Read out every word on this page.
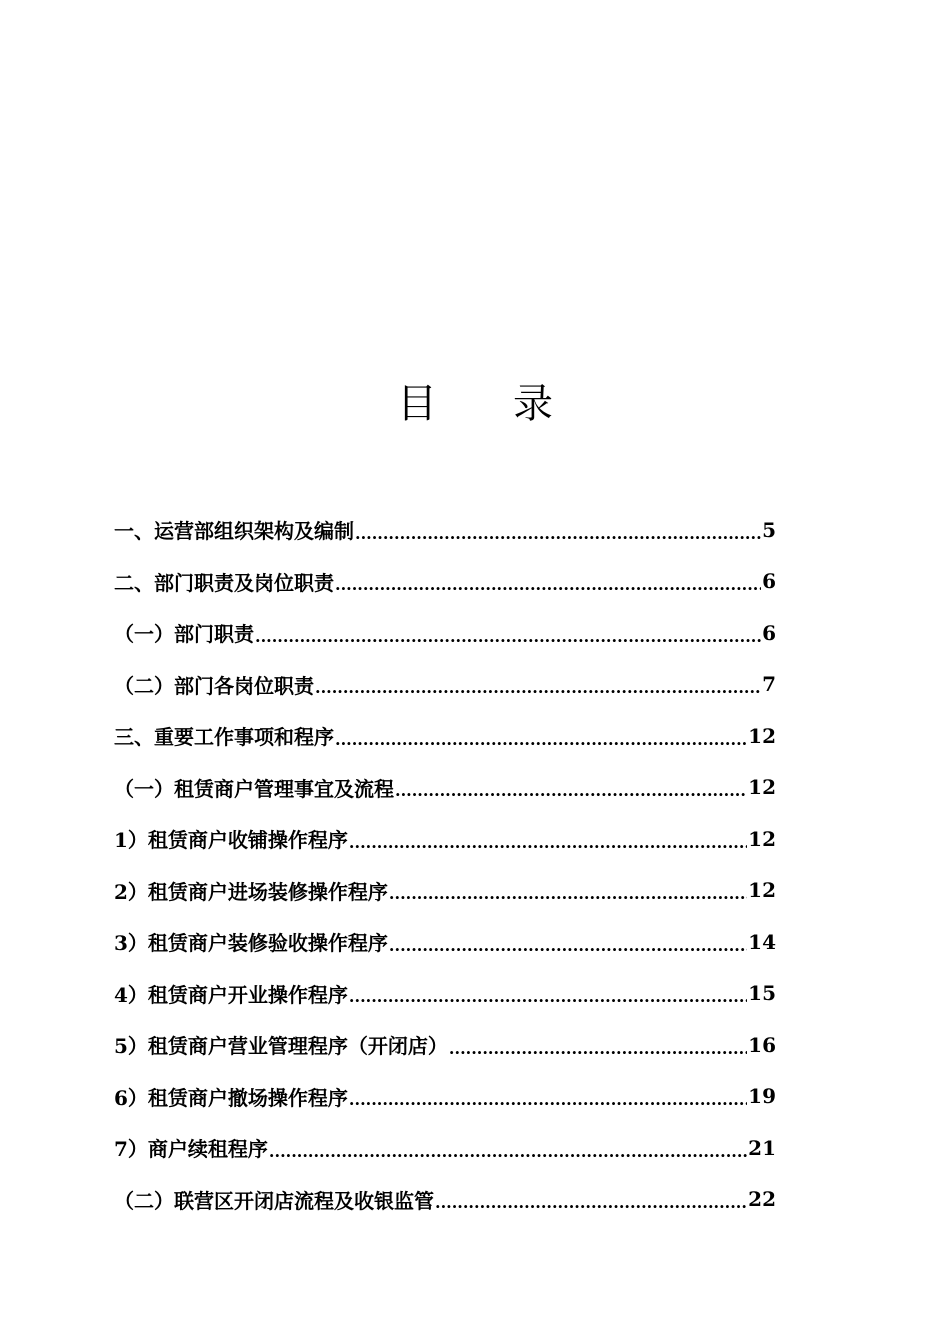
目 录
一、运营部组织架构及编制 .....	5
二、部门职责及岗位职责 .....	6
（一）部门职责 .....	6
（二）部门各岗位职责 .....	7
三、重要工作事项和程序 .....	12
（一）租赁商户管理事宜及流程 .....	12
1）租赁商户收铺操作程序 .....	12
2）租赁商户进场装修操作程序 .....	12
3）租赁商户装修验收操作程序 .....	14
4）租赁商户开业操作程序 .....	15
5）租赁商户营业管理程序（开闭店） .....	16
6）租赁商户撤场操作程序 .....	19
7）商户续租程序 .....	21
（二）联营区开闭店流程及收银监管 .....	22
